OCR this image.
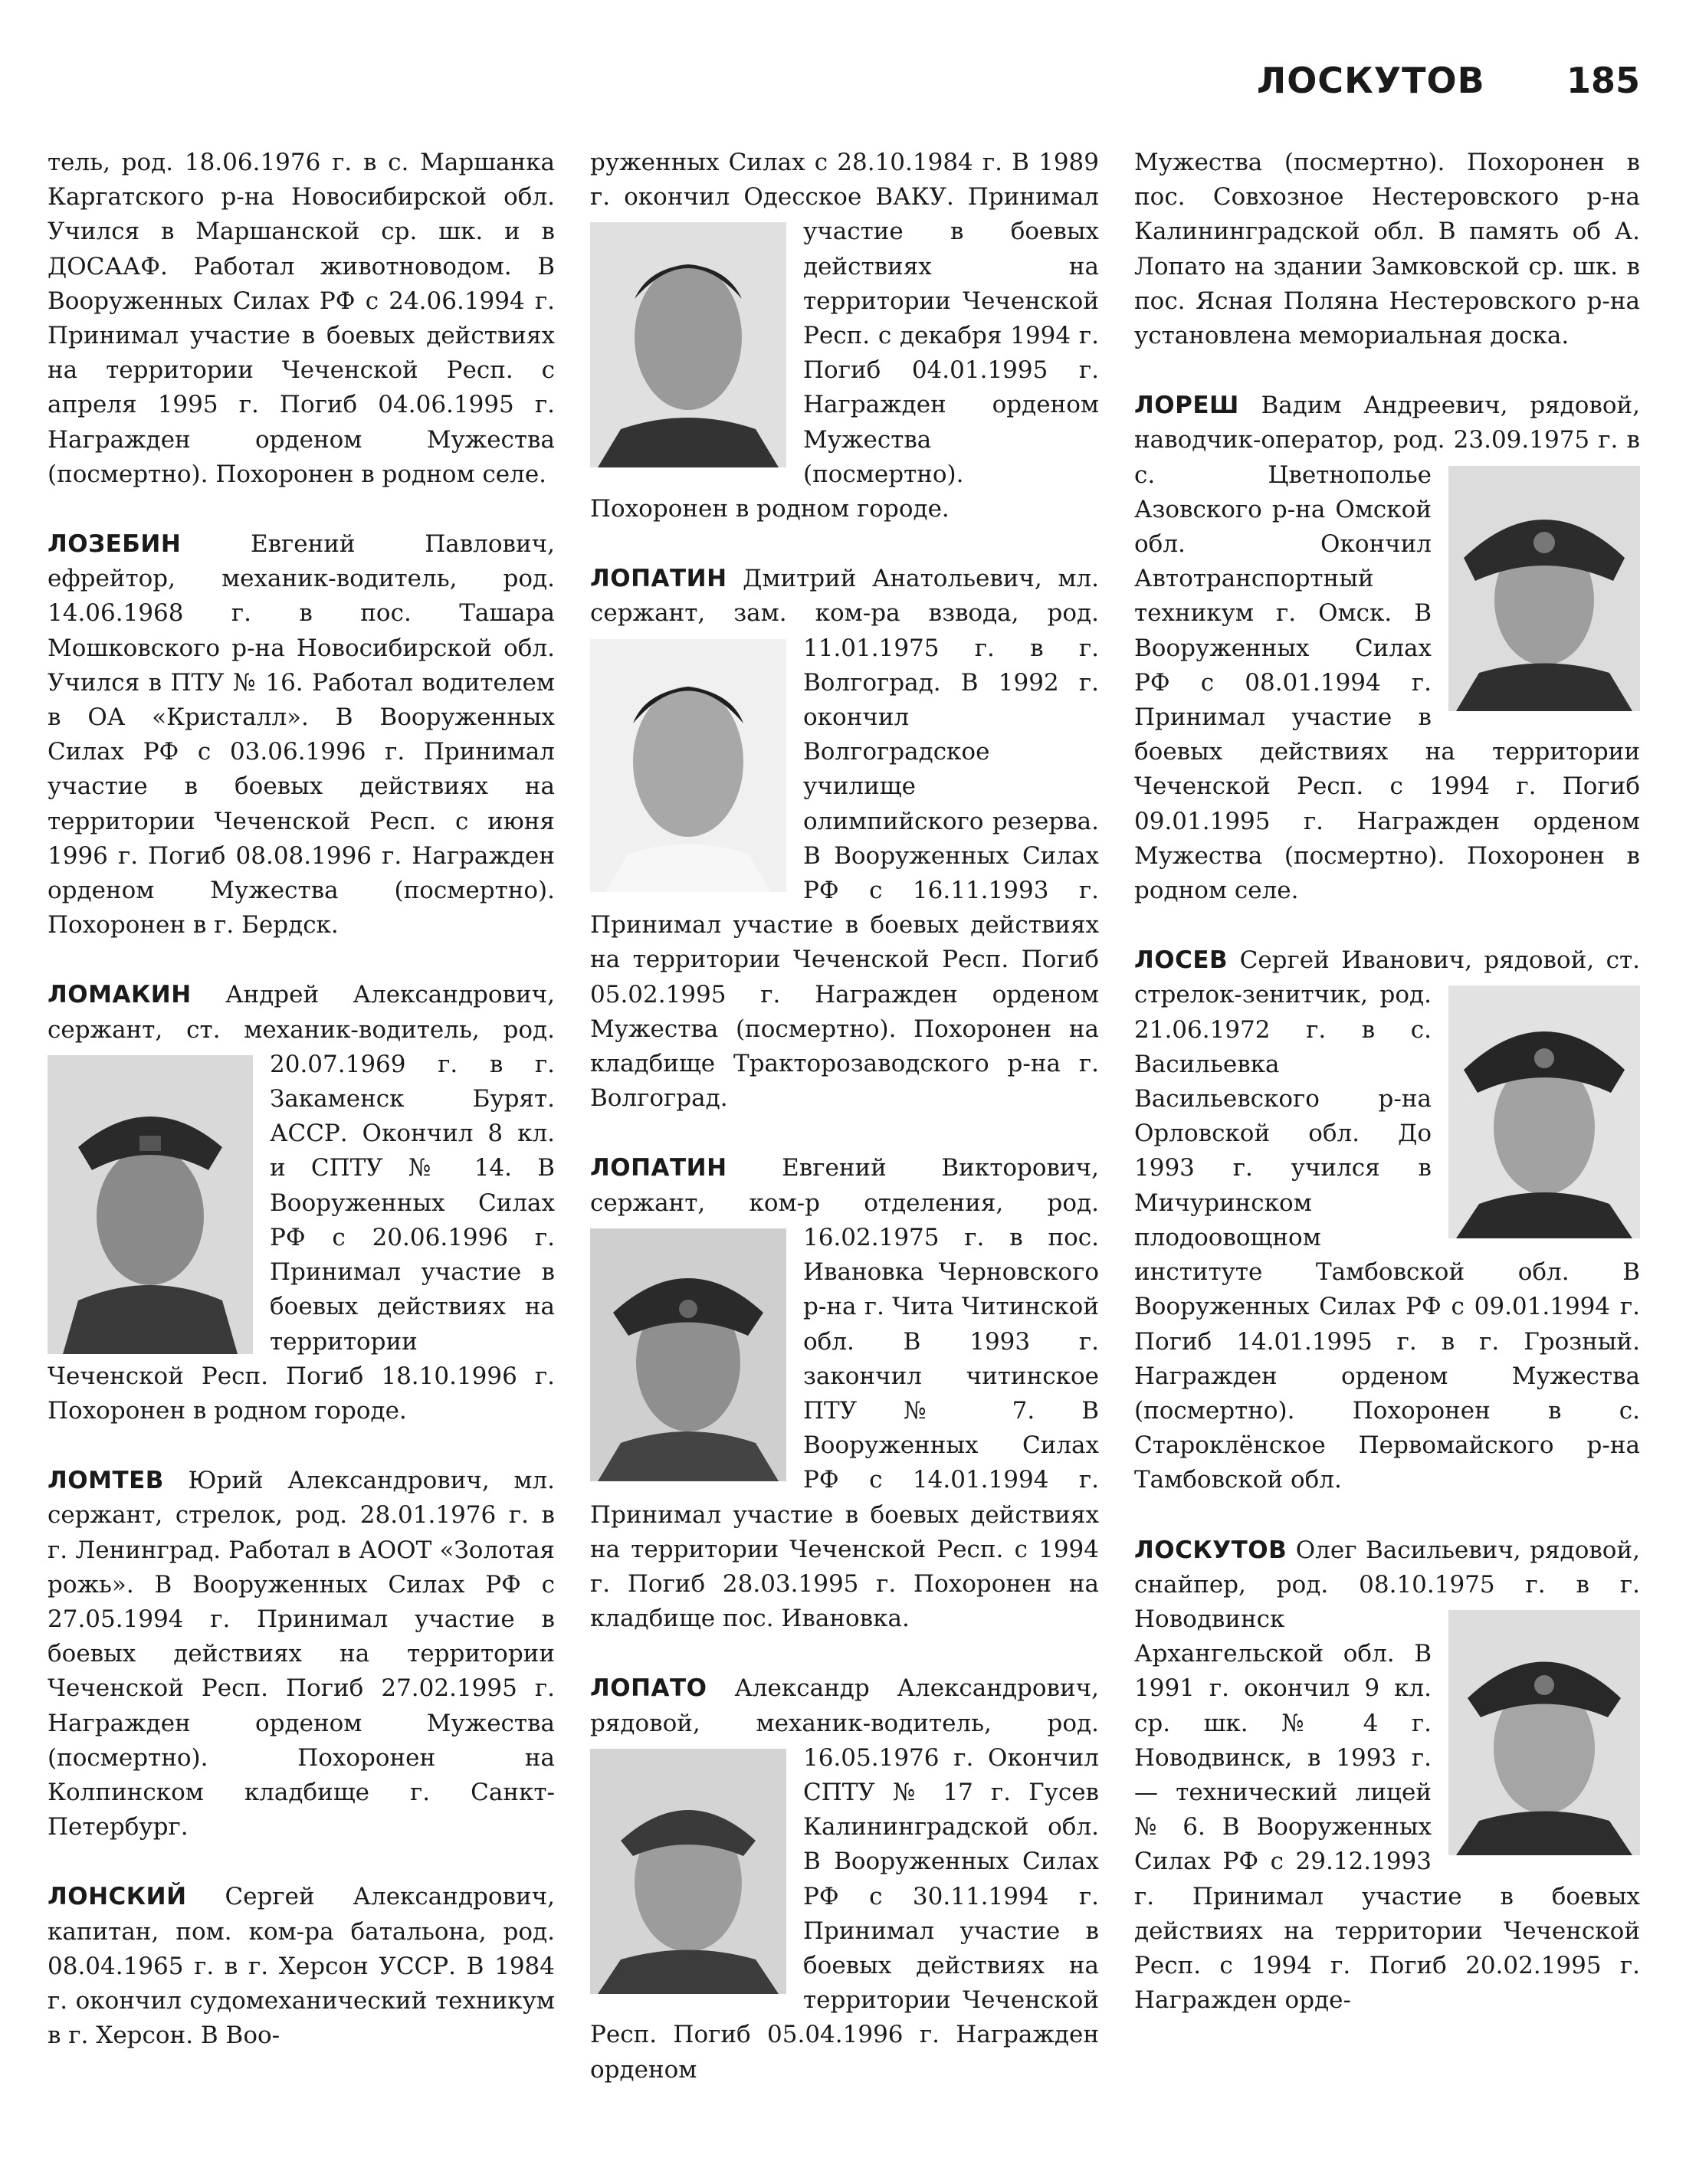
ЛОСКУТОВ 185

тель, род. 18.06.1976 г. в с. Маршанка Каргатского р-на Новосибирской обл. Учился в Маршанской ср. шк. и в ДОСААФ. Работал животноводом. В Вооруженных Силах РФ с 24.06.1994 г. Принимал участие в боевых действиях на территории Чеченской Респ. с апреля 1995 г. Погиб 04.06.1995 г. Награжден орденом Мужества (посмертно). Похоронен в родном селе.

ЛОЗЕБИН Евгений Павлович, ефрейтор, механик-водитель, род. 14.06.1968 г. в пос. Ташара Мошковского р-на Новосибирской обл. Учился в ПТУ № 16. Работал водителем в ОА «Кристалл». В Вооруженных Силах РФ с 03.06.1996 г. Принимал участие в боевых действиях на территории Чеченской Респ. с июня 1996 г. Погиб 08.08.1996 г. Награжден орденом Мужества (посмертно). Похоронен в г. Бердск.

ЛОМАКИН Андрей Александрович, сержант, ст. механик-водитель,
род. 20.07.1969 г. в г. Закаменск Бурят. АССР. Окончил 8 кл. и СПТУ № 14. В Вооруженных Силах РФ с 20.06.1996 г. Принимал участие в боевых действиях на территории Чеченской Респ. Погиб 18.10.1996 г. Похоронен в родном городе.

ЛОМТЕВ Юрий Александрович, мл. сержант, стрелок, род. 28.01.1976 г. в г. Ленинград. Работал в АООТ «Золотая рожь». В Вооруженных Силах РФ с 27.05.1994 г. Принимал участие в боевых действиях на территории Чеченской Респ. Погиб 27.02.1995 г. Награжден орденом Мужества (посмертно). Похоронен на Колпинском кладбище г. Санкт-Петербург.

ЛОНСКИЙ Сергей Александрович, капитан, пом. ком-ра батальона, род. 08.04.1965 г. в г. Херсон УССР. В 1984 г. окончил судомеханический техникум в г. Херсон. В Воо-

руженных Силах с 28.10.1984 г. В 1989 г. окончил Одесское ВАКУ.
Принимал участие в боевых действиях на территории Чеченской Респ. с декабря 1994 г. Погиб 04.01.1995 г. Награжден орденом Мужества (посмертно). Похоронен в родном городе.

ЛОПАТИН Дмитрий Анатольевич, мл. сержант, зам. ком-ра взвода,
род. 11.01.1975 г. в г. Волгоград. В 1992 г. окончил Волгоградское училище олимпийского резерва. В Вооруженных Силах РФ с 16.11.1993 г. Принимал участие в боевых действиях на территории Чеченской Респ. Погиб 05.02.1995 г. Награжден орденом Мужества (посмертно). Похоронен на кладбище Тракторозаводского р-на г. Волгоград.

ЛОПАТИН Евгений Викторович, сержант, ком-р отделения, род.
16.02.1975 г. в пос. Ивановка Черновского р-на г. Чита Читинской обл. В 1993 г. закончил читинское ПТУ № 7. В Вооруженных Силах РФ с 14.01.1994 г. Принимал участие в боевых действиях на территории Чеченской Респ. с 1994 г. Погиб 28.03.1995 г. Похоронен на кладбище пос. Ивановка.

ЛОПАТО Александр Александрович, рядовой, механик-водитель,
род. 16.05.1976 г. Окончил СПТУ № 17 г. Гусев Калининградской обл. В Вооруженных Силах РФ с 30.11.1994 г. Принимал участие в боевых действиях на территории Чеченской Респ. Погиб 05.04.1996 г. Награжден орденом

Мужества (посмертно). Похоронен в пос. Совхозное Нестеровского р-на Калининградской обл. В память об А. Лопато на здании Замковской ср. шк. в пос. Ясная Поляна Нестеровского р-на установлена мемориальная доска.

ЛОРЕШ Вадим Андреевич, рядовой, наводчик-оператор, род.
23.09.1975 г. в с. Цветнополье Азовского р-на Омской обл. Окончил Автотранспортный техникум г. Омск. В Вооруженных Силах РФ с 08.01.1994 г. Принимал участие в боевых действиях на территории Чеченской Респ. с 1994 г. Погиб 09.01.1995 г. Награжден орденом Мужества (посмертно). Похоронен в родном селе.

ЛОСЕВ Сергей Иванович, рядовой, ст. стрелок-зенитчик, род.
21.06.1972 г. в с. Васильевка Васильевского р-на Орловской обл. До 1993 г. учился в Мичуринском плодоовощном институте Тамбовской обл. В Вооруженных Силах РФ с 09.01.1994 г. Погиб 14.01.1995 г. в г. Грозный. Награжден орденом Мужества (посмертно). Похоронен в с. Староклёнское Первомайского р-на Тамбовской обл.

ЛОСКУТОВ Олег Васильевич, рядовой, снайпер, род. 08.10.1975 г. в
г. Новодвинск Архангельской обл. В 1991 г. окончил 9 кл. ср. шк. № 4 г. Новодвинск, в 1993 г. — технический лицей № 6. В Вооруженных Силах РФ с 29.12.1993 г. Принимал участие в боевых действиях на территории Чеченской Респ. с 1994 г. Погиб 20.02.1995 г. Награжден орде-
